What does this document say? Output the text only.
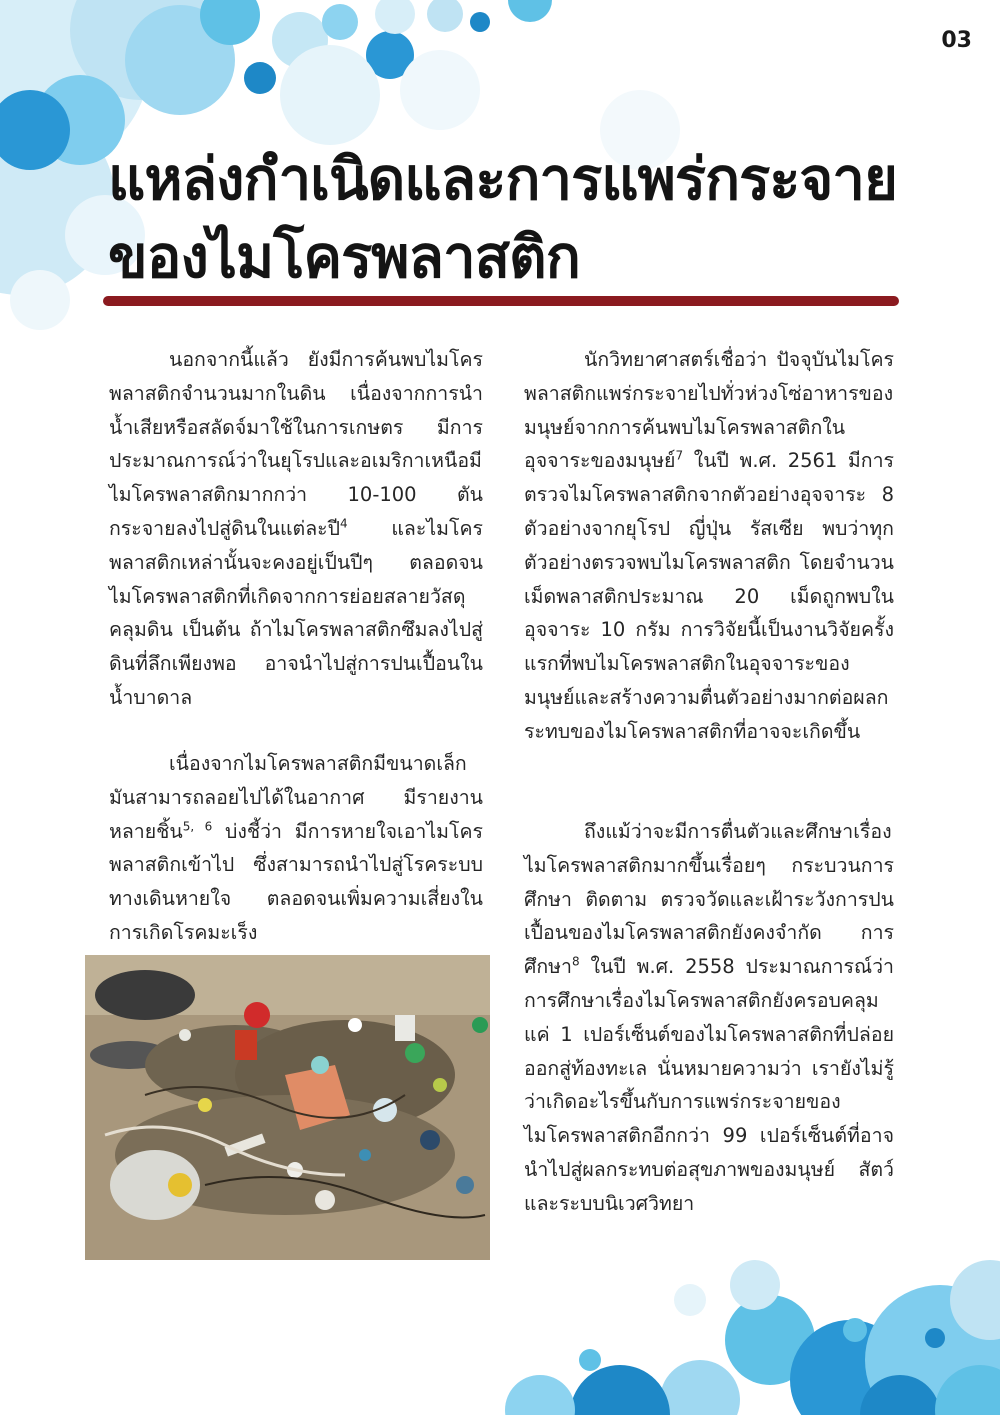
03
แหล่งกำเนิดและการแพร่กระจาย
ของไมโครพลาสติก

นอกจากนี้แล้ว ยังมีการค้นพบไมโครพลาสติกจำนวนมากในดิน เนื่องจากการนำน้ำเสียหรือสลัดจ์มาใช้ในการเกษตร มีการประมาณการณ์ว่าในยุโรปและอเมริกาเหนือมีไมโครพลาสติกมากกว่า 10-100 ตัน กระจายลงไปสู่ดินในแต่ละปี$^4$ และไมโครพลาสติกเหล่านั้นจะคงอยู่เป็นปีๆ ตลอดจนไมโครพลาสติกที่เกิดจากการย่อยสลายวัสดุคลุมดิน เป็นต้น ถ้าไมโครพลาสติกซึมลงไปสู่ดินที่ลึกเพียงพอ อาจนำไปสู่การปนเปื้อนในน้ำบาดาล

เนื่องจากไมโครพลาสติกมีขนาดเล็กมันสามารถลอยไปได้ในอากาศ มีรายงานหลายชิ้น$^{5, 6}$ บ่งชี้ว่า มีการหายใจเอาไมโครพลาสติกเข้าไป ซึ่งสามารถนำไปสู่โรคระบบทางเดินหายใจ ตลอดจนเพิ่มความเสี่ยงในการเกิดโรคมะเร็ง

นักวิทยาศาสตร์เชื่อว่า ปัจจุบันไมโครพลาสติกแพร่กระจายไปทั่วห่วงโซ่อาหารของมนุษย์จากการค้นพบไมโครพลาสติกในอุจจาระของมนุษย์$^7$ ในปี พ.ศ. 2561 มีการตรวจไมโครพลาสติกจากตัวอย่างอุจจาระ 8 ตัวอย่างจากยุโรป ญี่ปุ่น รัสเซีย พบว่าทุกตัวอย่างตรวจพบไมโครพลาสติก โดยจำนวนเม็ดพลาสติกประมาณ 20 เม็ดถูกพบในอุจจาระ 10 กรัม การวิจัยนี้เป็นงานวิจัยครั้งแรกที่พบไมโครพลาสติกในอุจจาระของมนุษย์และสร้างความตื่นตัวอย่างมากต่อผลกระทบของไมโครพลาสติกที่อาจจะเกิดขึ้น

ถึงแม้ว่าจะมีการตื่นตัวและศึกษาเรื่องไมโครพลาสติกมากขึ้นเรื่อยๆ กระบวนการศึกษา ติดตาม ตรวจวัดและเฝ้าระวังการปนเปื้อนของไมโครพลาสติกยังคงจำกัด การศึกษา$^8$ ในปี พ.ศ. 2558 ประมาณการณ์ว่า การศึกษาเรื่องไมโครพลาสติกยังครอบคลุมแค่ 1 เปอร์เซ็นต์ของไมโครพลาสติกที่ปล่อยออกสู่ท้องทะเล นั่นหมายความว่า เรายังไม่รู้ว่าเกิดอะไรขึ้นกับการแพร่กระจายของไมโครพลาสติกอีกกว่า 99 เปอร์เซ็นต์ที่อาจนำไปสู่ผลกระทบต่อสุขภาพของมนุษย์ สัตว์ และระบบนิเวศวิทยา
